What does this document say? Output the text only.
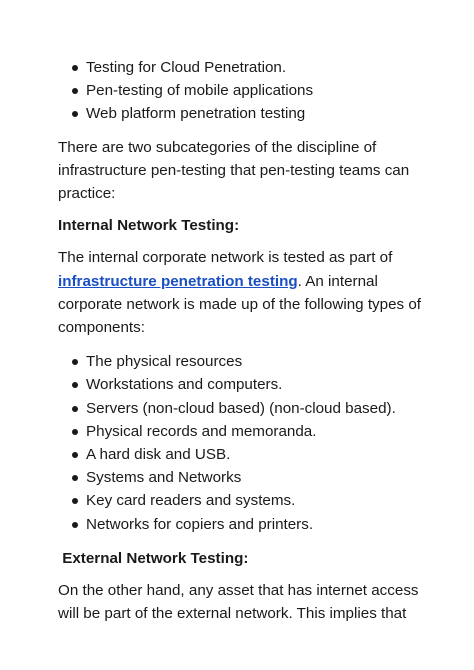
Testing for Cloud Penetration.
Pen-testing of mobile applications
Web platform penetration testing

There are two subcategories of the discipline of infrastructure pen-testing that pen-testing teams can practice:

Internal Network Testing:

The internal corporate network is tested as part of infrastructure penetration testing. An internal corporate network is made up of the following types of components:

The physical resources
Workstations and computers.
Servers (non-cloud based) (non-cloud based).
Physical records and memoranda.
A hard disk and USB.
Systems and Networks
Key card readers and systems.
Networks for copiers and printers.
External Network Testing:

On the other hand, any asset that has internet access will be part of the external network. This implies that
